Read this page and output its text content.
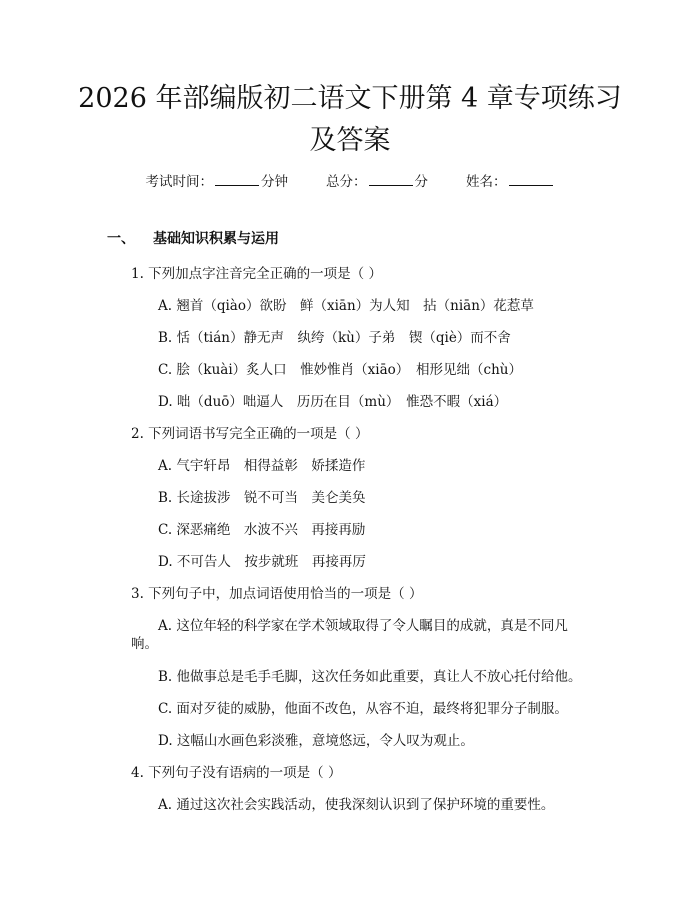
2026 年部编版初二语文下册第 4 章专项练习
及答案
考试时间：	分钟	总分：	分	姓名：
一、 基础知识积累与运用
1. 下列加点字注音完全正确的一项是（ ）
A. 翘首（qiào）欲盼　鲜（xiān）为人知　拈（niān）花惹草
B. 恬（tián）静无声　纨绔（kù）子弟　锲（qiè）而不舍
C. 脍（kuài）炙人口　惟妙惟肖（xiāo）　相形见绌（chù）
D. 咄（duō）咄逼人　历历在目（mù）　惟恐不暇（xiá）
2. 下列词语书写完全正确的一项是（ ）
A. 气宇轩昂　相得益彰　娇揉造作
B. 长途拔涉　锐不可当　美仑美奂
C. 深恶痛绝　水波不兴　再接再励
D. 不可告人　按步就班　再接再厉
3. 下列句子中，加点词语使用恰当的一项是（ ）
A. 这位年轻的科学家在学术领域取得了令人瞩目的成就，真是不同凡
响。
B. 他做事总是毛手毛脚，这次任务如此重要，真让人不放心托付给他。
C. 面对歹徒的威胁，他面不改色，从容不迫，最终将犯罪分子制服。
D. 这幅山水画色彩淡雅，意境悠远，令人叹为观止。
4. 下列句子没有语病的一项是（ ）
A. 通过这次社会实践活动，使我深刻认识到了保护环境的重要性。
